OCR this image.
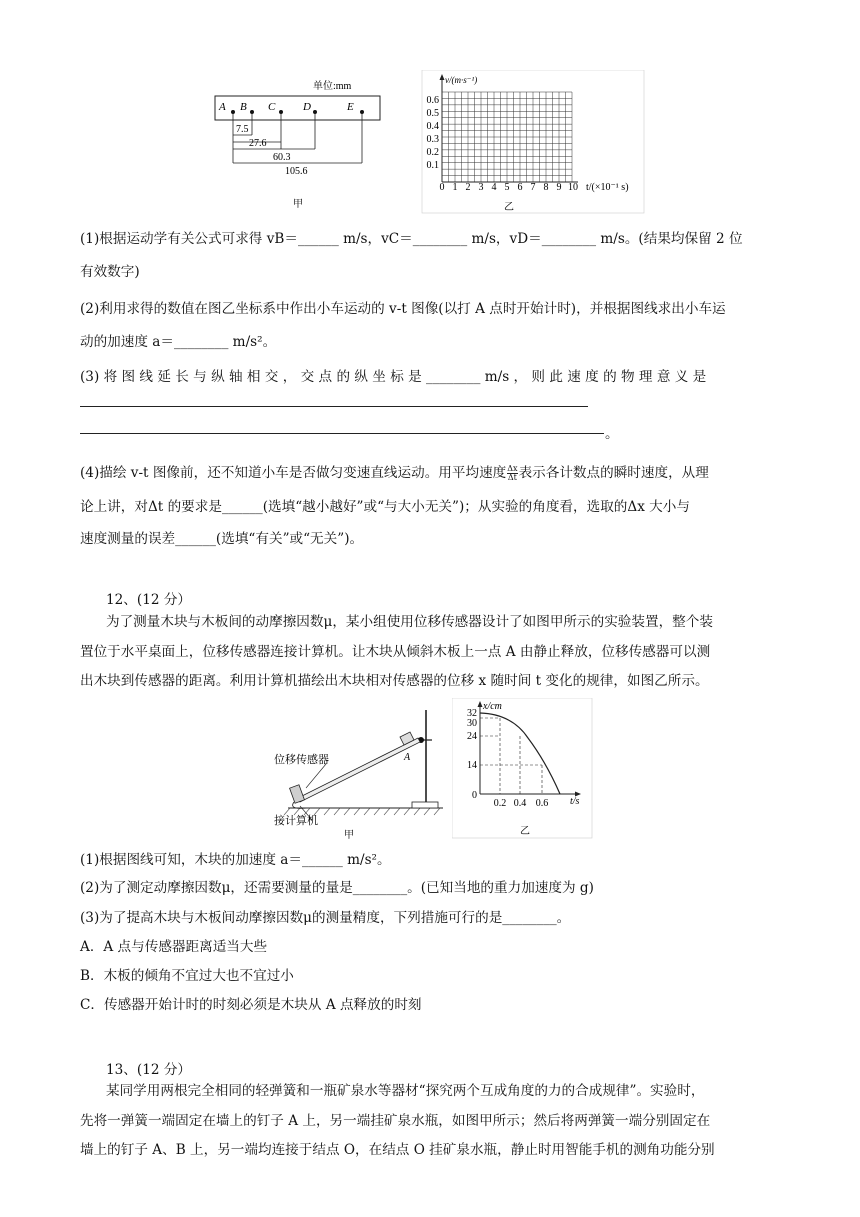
单位:mm
A B C	D	E
7.5
27.6
60.3
105.6
甲
v/(m·s⁻¹)
0.6
0.5
0.4
0.3
0.2
0.1
0 1 2 3 4 5 6 7 8 9 10 t/(×10⁻¹ s)
乙
(1)根据运动学有关公式可求得 vB＝______ m/s，vC＝________ m/s，vD＝________ m/s。(结果均保留 2 位
有效数字)
(2)利用求得的数值在图乙坐标系中作出小车运动的 v-t 图像(以打 A 点时开始计时)，并根据图线求出小车运
动的加速度 a＝________ m/s²。
(3) 将 图 线 延 长 与 纵 轴 相 交 ， 交 点 的 纵 坐 标 是 ________ m/s ， 则 此 速 度 的 物 理 意 义 是
。
(4)描绘 v-t 图像前，还不知道小车是否做匀变速直线运动。用平均速度 $\frac{\Delta x}{\Delta t}$ 表示各计数点的瞬时速度，从理
论上讲，对Δt 的要求是______(选填“越小越好”或“与大小无关”)；从实验的角度看，选取的Δx 大小与
速度测量的误差______(选填“有关”或“无关”)。
12、(12 分）
为了测量木块与木板间的动摩擦因数μ，某小组使用位移传感器设计了如图甲所示的实验装置，整个装
置位于水平桌面上，位移传感器连接计算机。让木块从倾斜木板上一点 A 由静止释放，位移传感器可以测
出木块到传感器的距离。利用计算机描绘出木块相对传感器的位移 x 随时间 t 变化的规律，如图乙所示。
位移传感器
接计算机
A
甲
x/cm
32
30
24
14
0
0.2 0.4 0.6 t/s
乙
(1)根据图线可知，木块的加速度 a＝______ m/s²。
(2)为了测定动摩擦因数μ，还需要测量的量是________。(已知当地的重力加速度为 g)
(3)为了提高木块与木板间动摩擦因数μ的测量精度，下列措施可行的是________。
A．A 点与传感器距离适当大些
B．木板的倾角不宜过大也不宜过小
C．传感器开始计时的时刻必须是木块从 A 点释放的时刻
13、(12 分）
某同学用两根完全相同的轻弹簧和一瓶矿泉水等器材“探究两个互成角度的力的合成规律”。实验时，
先将一弹簧一端固定在墙上的钉子 A 上，另一端挂矿泉水瓶，如图甲所示；然后将两弹簧一端分别固定在
墙上的钉子 A、B 上，另一端均连接于结点 O，在结点 O 挂矿泉水瓶，静止时用智能手机的测角功能分别
